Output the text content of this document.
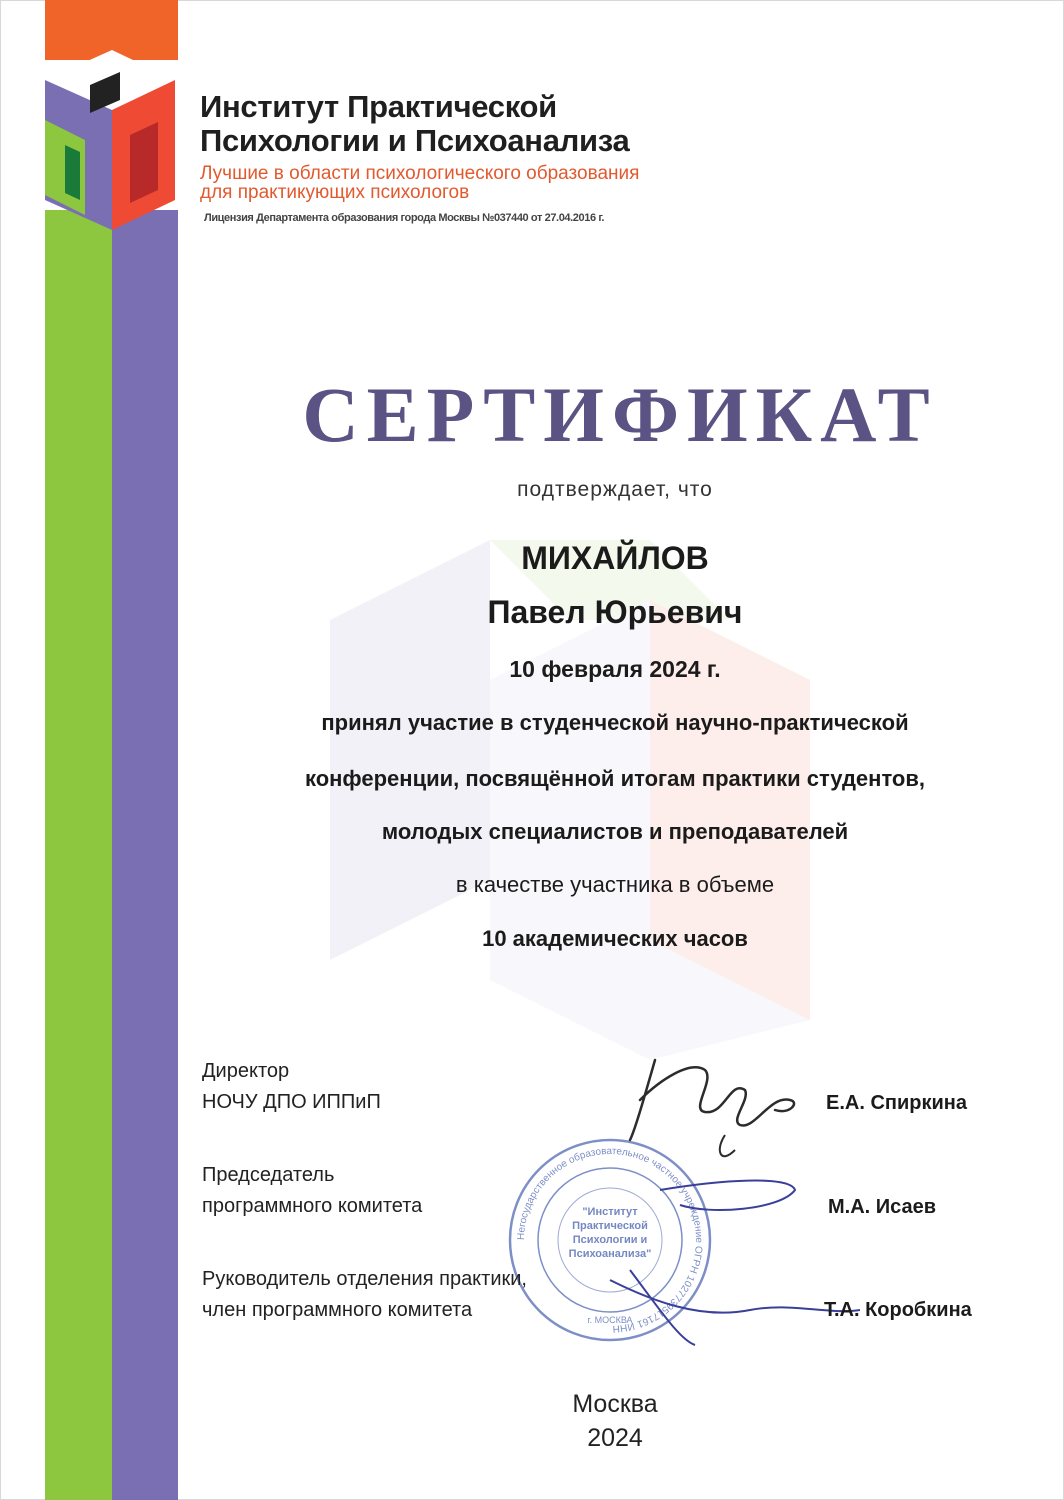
Институт Практической
Психологии и Психоанализа
Лучшие в области психологического образования
для практикующих психологов
Лицензия Департамента образования города Москвы №037440 от 27.04.2016 г.
СЕРТИФИКАТ
подтверждает, что
МИХАЙЛОВ
Павел Юрьевич
10 февраля 2024 г.
принял участие в студенческой научно-практической
конференции, посвящённой итогам практики студентов,
молодых специалистов и преподавателей
в качестве участника в объеме
10 академических часов
Негосударственное образовательное частное учреждение ОГРН 1027739517161 ИНН
"Институт Практической Психологии и Психоанализа"
г. МОСКВА
Директор
НОЧУ ДПО ИППиП	Е.А. Спиркина
Председатель
программного комитета	М.А. Исаев
Руководитель отделения практики,
член программного комитета	Т.А. Коробкина
Москва
2024
